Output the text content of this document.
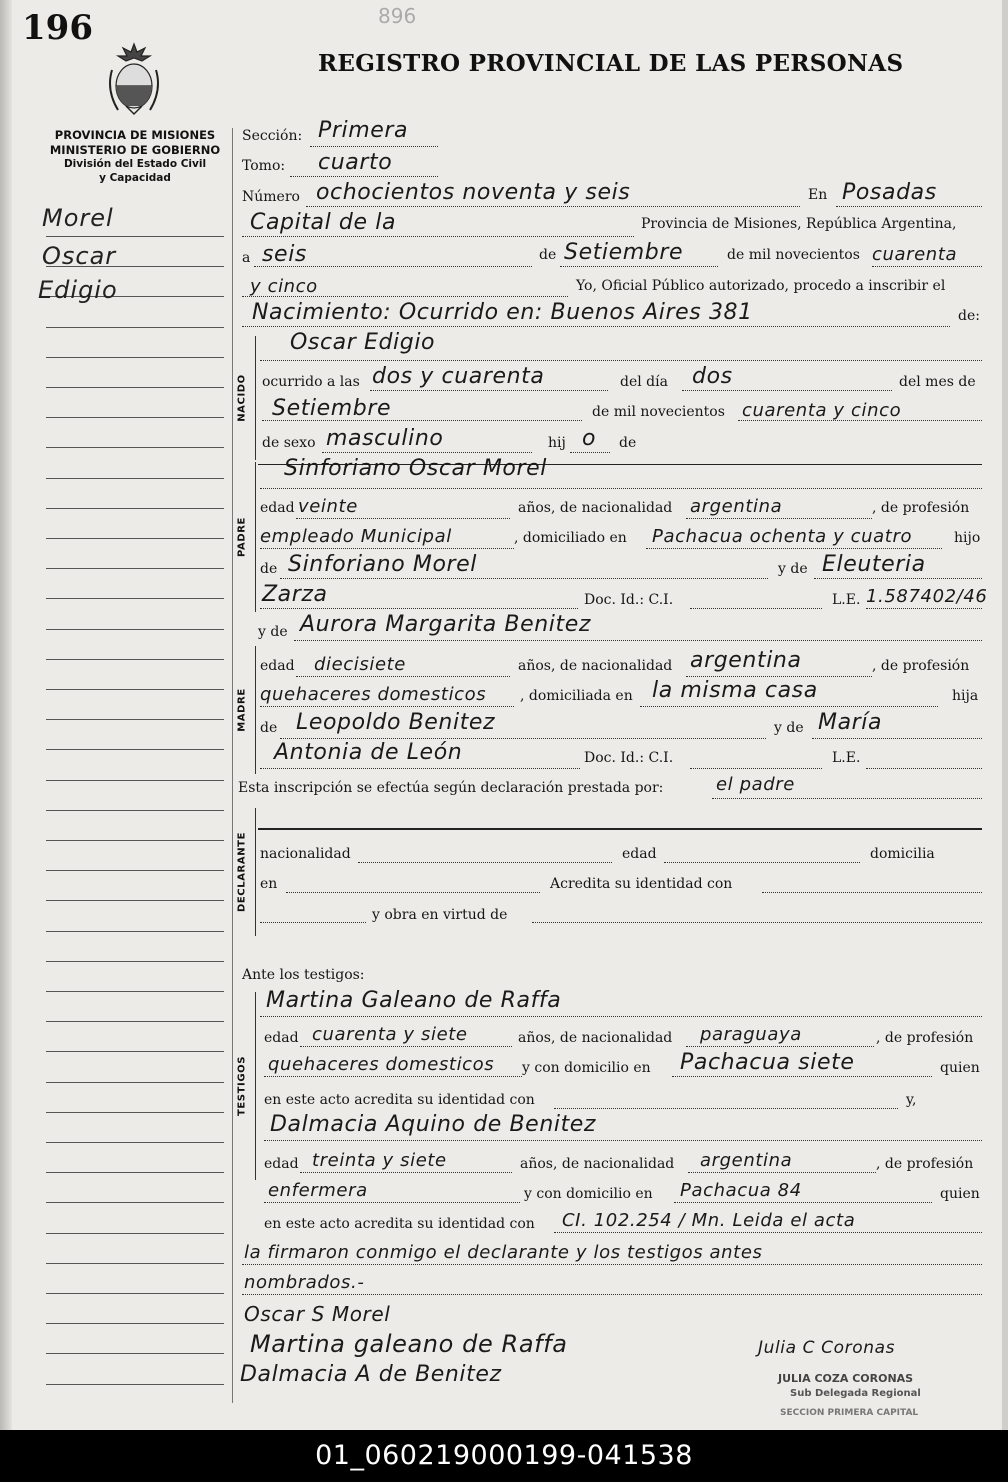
196	896
REGISTRO PROVINCIAL DE LAS PERSONAS
PROVINCIA DE MISIONES
MINISTERIO DE GOBIERNO
División del Estado Civil
y Capacidad
Morel
Oscar
Edigio
Sección: Primera
Tomo: cuarto
Número ochocientos noventa y seis	En Posadas
Capital de la	Provincia de Misiones, República Argentina,
a seis	de Setiembre	de mil novecientos cuarenta
y cinco	Yo, Oficial Público autorizado, procedo a inscribir el
Nacimiento: Ocurrido en: Buenos Aires 381	de:
NACIDO
Oscar Edigio
ocurrido a las dos y cuarenta	del día dos	del mes de
Setiembre	de mil novecientos cuarenta y cinco
de sexo masculino	hij o de
PADRE
Sinforiano Oscar Morel
edad veinte	años, de nacionalidad argentina	, de profesión
empleado Municipal	, domiciliado en Pachacua ochenta y cuatro	hijo
de Sinforiano Morel	y de Eleuteria
Zarza	Doc. Id.: C.I.	L.E. 1.587402/46
y de Aurora Margarita Benitez
MADRE
edad diecisiete	años, de nacionalidad argentina	, de profesión
quehaceres domesticos , domiciliada en la misma casa	hija
de Leopoldo Benitez	y de María
Antonia de León	Doc. Id.: C.I.	L.E.
Esta inscripción se efectúa según declaración prestada por:	el padre
DECLARANTE nacionalidad	edad	domicilia
en	Acredita su identidad con
y obra en virtud de
Ante los testigos:
TESTIGOS
Martina Galeano de Raffa
edad cuarenta y siete	años, de nacionalidad paraguaya	, de profesión
quehaceres domesticos y con domicilio en Pachacua siete	quien
en este acto acredita su identidad con	y,
Dalmacia Aquino de Benitez
edad treinta y siete	años, de nacionalidad argentina	, de profesión
enfermera	y con domicilio en Pachacua 84	quien
en este acto acredita su identidad con CI. 102.254 / Mn. Leida el acta
la firmaron conmigo el declarante y los testigos antes
nombrados.-
Oscar S Morel
Martina galeano de Raffa
Dalmacia A de Benitez
Julia C Coronas
JULIA COZA CORONAS
Sub Delegada Regional
SECCION PRIMERA CAPITAL
01_060219000199-041538
